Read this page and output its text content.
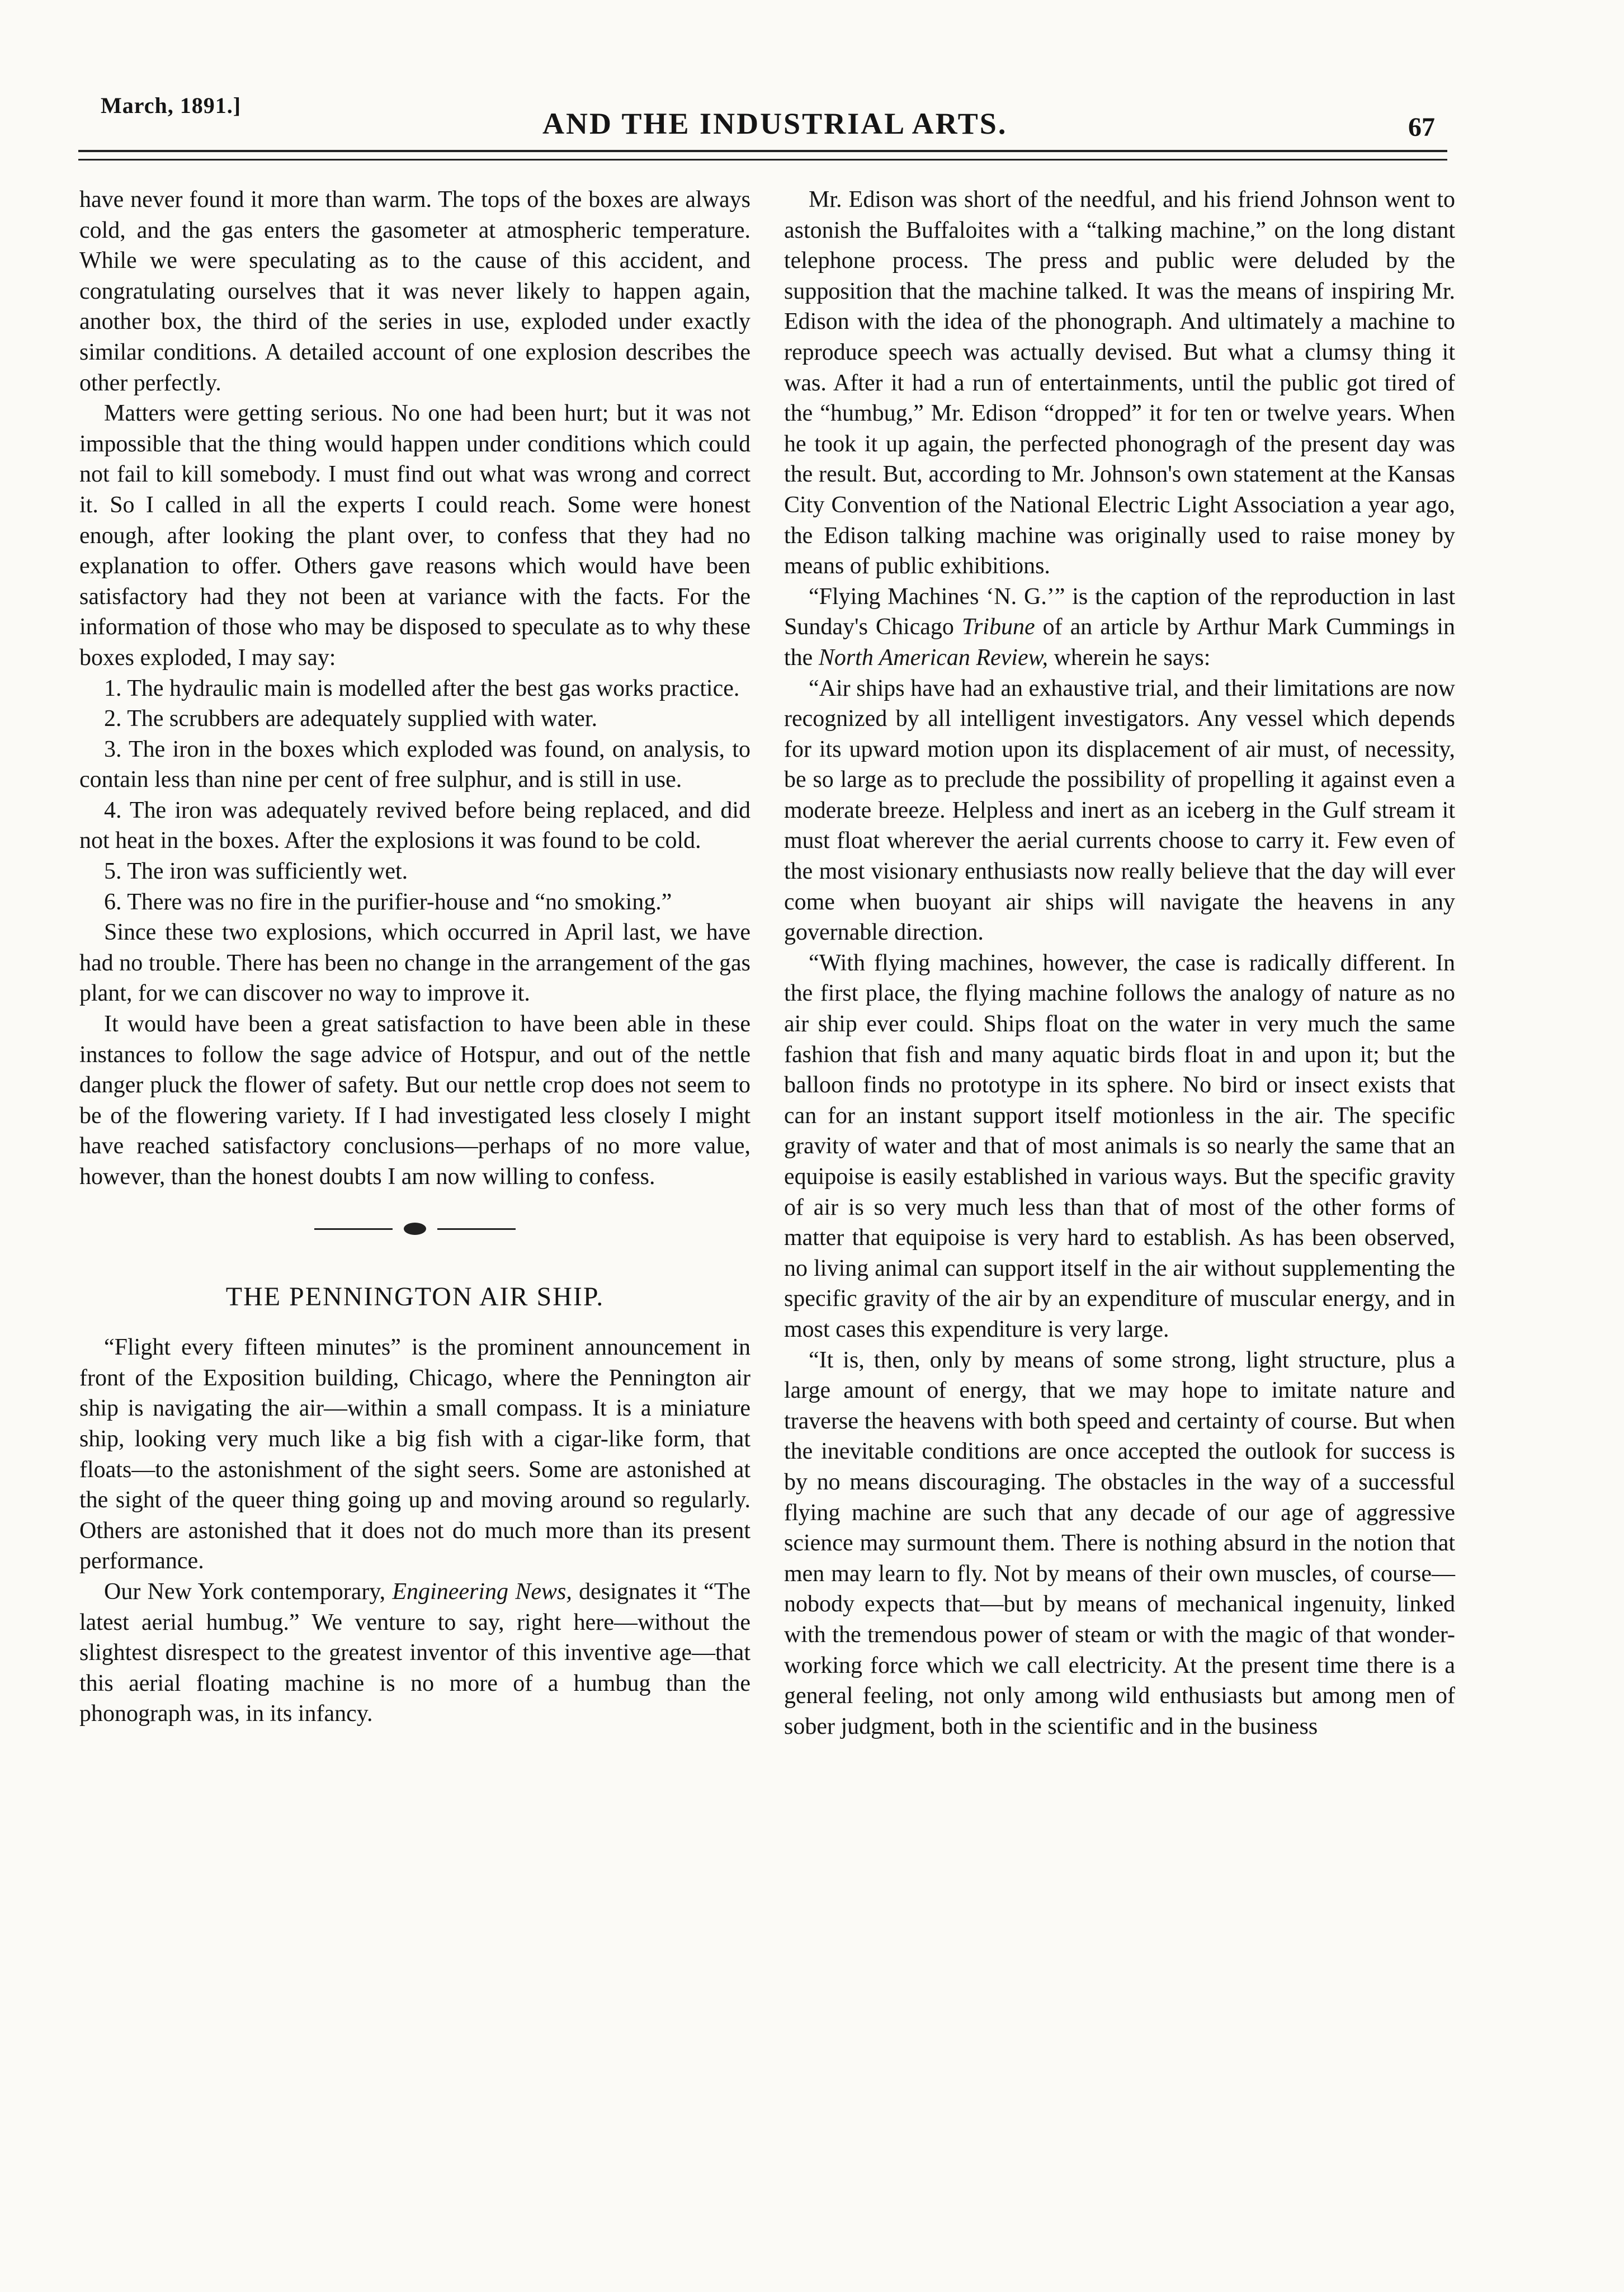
March, 1891.]
AND THE INDUSTRIAL ARTS.	67

have never found it more than warm. The tops of the boxes are always cold, and the gas enters the gasometer at atmospheric temperature. While we were speculating as to the cause of this accident, and congratulating ourselves that it was never likely to happen again, another box, the third of the series in use, exploded under exactly similar conditions. A detailed account of one explosion describes the other perfectly.

Matters were getting serious. No one had been hurt; but it was not impossible that the thing would happen under conditions which could not fail to kill somebody. I must find out what was wrong and correct it. So I called in all the experts I could reach. Some were honest enough, after looking the plant over, to confess that they had no explanation to offer. Others gave reasons which would have been satisfactory had they not been at variance with the facts. For the information of those who may be disposed to speculate as to why these boxes exploded, I may say:

1. The hydraulic main is modelled after the best gas works practice.

2. The scrubbers are adequately supplied with water.

3. The iron in the boxes which exploded was found, on analysis, to contain less than nine per cent of free sulphur, and is still in use.

4. The iron was adequately revived before being replaced, and did not heat in the boxes. After the explosions it was found to be cold.

5. The iron was sufficiently wet.

6. There was no fire in the purifier-house and “no smoking.”

Since these two explosions, which occurred in April last, we have had no trouble. There has been no change in the arrangement of the gas plant, for we can discover no way to improve it.

It would have been a great satisfaction to have been able in these instances to follow the sage advice of Hotspur, and out of the nettle danger pluck the flower of safety. But our nettle crop does not seem to be of the flowering variety. If I had investigated less closely I might have reached satisfactory conclusions—perhaps of no more value, however, than the honest doubts I am now willing to confess.

THE PENNINGTON AIR SHIP.

“Flight every fifteen minutes” is the prominent announcement in front of the Exposition building, Chicago, where the Pennington air ship is navigating the air—within a small compass. It is a miniature ship, looking very much like a big fish with a cigar-like form, that floats—to the astonishment of the sight seers. Some are astonished at the sight of the queer thing going up and moving around so regularly. Others are astonished that it does not do much more than its present performance.

Our New York contemporary, Engineering News, designates it “The latest aerial humbug.” We venture to say, right here—without the slightest disrespect to the greatest inventor of this inventive age—that this aerial floating machine is no more of a humbug than the phonograph was, in its infancy.

Mr. Edison was short of the needful, and his friend Johnson went to astonish the Buffaloites with a “talking machine,” on the long distant telephone process. The press and public were deluded by the supposition that the machine talked. It was the means of inspiring Mr. Edison with the idea of the phonograph. And ultimately a machine to reproduce speech was actually devised. But what a clumsy thing it was. After it had a run of entertainments, until the public got tired of the “humbug,” Mr. Edison “dropped” it for ten or twelve years. When he took it up again, the perfected phonogragh of the present day was the result. But, according to Mr. Johnson's own statement at the Kansas City Convention of the National Electric Light Association a year ago, the Edison talking machine was originally used to raise money by means of public exhibitions.

“Flying Machines ‘N. G.’” is the caption of the reproduction in last Sunday's Chicago Tribune of an article by Arthur Mark Cummings in the North American Review, wherein he says:

“Air ships have had an exhaustive trial, and their limitations are now recognized by all intelligent investigators. Any vessel which depends for its upward motion upon its displacement of air must, of necessity, be so large as to preclude the possibility of propelling it against even a moderate breeze. Helpless and inert as an iceberg in the Gulf stream it must float wherever the aerial currents choose to carry it. Few even of the most visionary enthusiasts now really believe that the day will ever come when buoyant air ships will navigate the heavens in any governable direction.

“With flying machines, however, the case is radically different. In the first place, the flying machine follows the analogy of nature as no air ship ever could. Ships float on the water in very much the same fashion that fish and many aquatic birds float in and upon it; but the balloon finds no prototype in its sphere. No bird or insect exists that can for an instant support itself motionless in the air. The specific gravity of water and that of most animals is so nearly the same that an equipoise is easily established in various ways. But the specific gravity of air is so very much less than that of most of the other forms of matter that equipoise is very hard to establish. As has been observed, no living animal can support itself in the air without supplementing the specific gravity of the air by an expenditure of muscular energy, and in most cases this expenditure is very large.

“It is, then, only by means of some strong, light structure, plus a large amount of energy, that we may hope to imitate nature and traverse the heavens with both speed and certainty of course. But when the inevitable conditions are once accepted the outlook for success is by no means discouraging. The obstacles in the way of a successful flying machine are such that any decade of our age of aggressive science may surmount them. There is nothing absurd in the notion that men may learn to fly. Not by means of their own muscles, of course—nobody expects that—but by means of mechanical ingenuity, linked with the tremendous power of steam or with the magic of that wonder-working force which we call electricity. At the present time there is a general feeling, not only among wild enthusiasts but among men of sober judgment, both in the scientific and in the business
